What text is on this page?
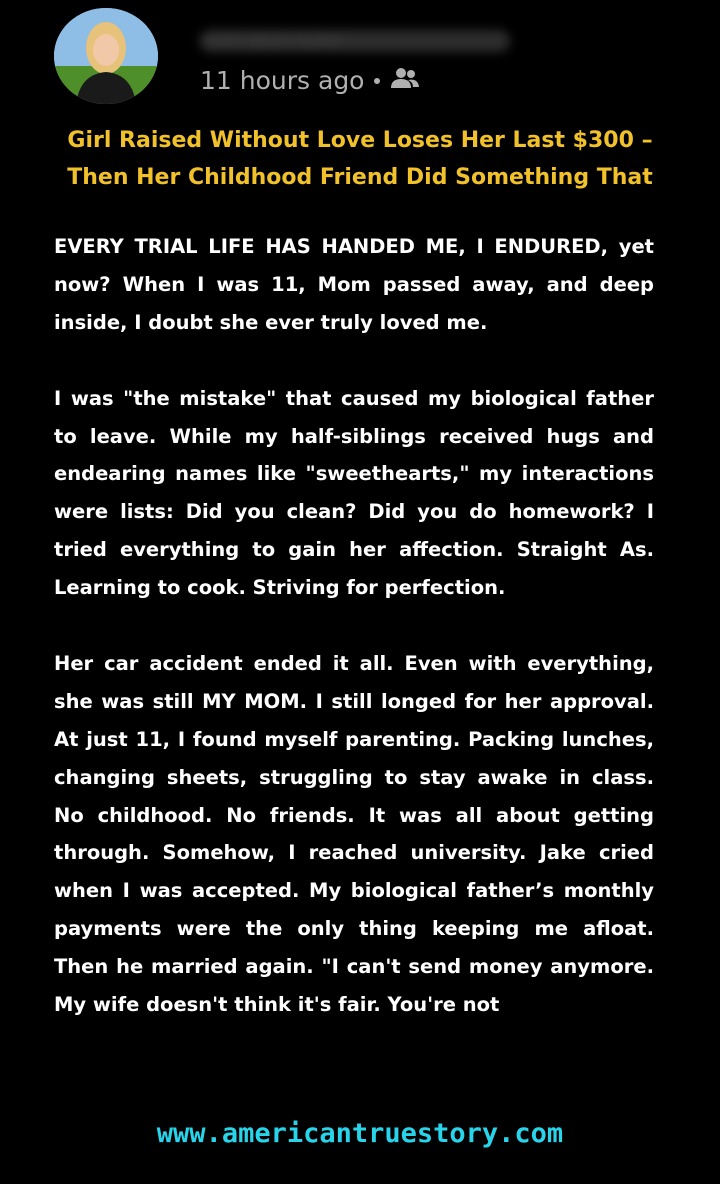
Lorem Ipsum Author
11 hours ago
Girl Raised Without Love Loses Her Last $300 – Then Her Childhood Friend Did Something That

EVERY TRIAL LIFE HAS HANDED ME, I ENDURED, yet now? When I was 11, Mom passed away, and deep inside, I doubt she ever truly loved me.

I was "the mistake" that caused my biological father to leave. While my half-siblings received hugs and endearing names like "sweethearts," my interactions were lists: Did you clean? Did you do homework? I tried everything to gain her affection. Straight As. Learning to cook. Striving for perfection.

Her car accident ended it all. Even with everything, she was still MY MOM. I still longed for her approval. At just 11, I found myself parenting. Packing lunches, changing sheets, struggling to stay awake in class. No childhood. No friends. It was all about getting through. Somehow, I reached university. Jake cried when I was accepted. My biological father’s monthly payments were the only thing keeping me afloat. Then he married again. "I can't send money anymore. My wife doesn't think it's fair. You're not

www.americantruestory.com
